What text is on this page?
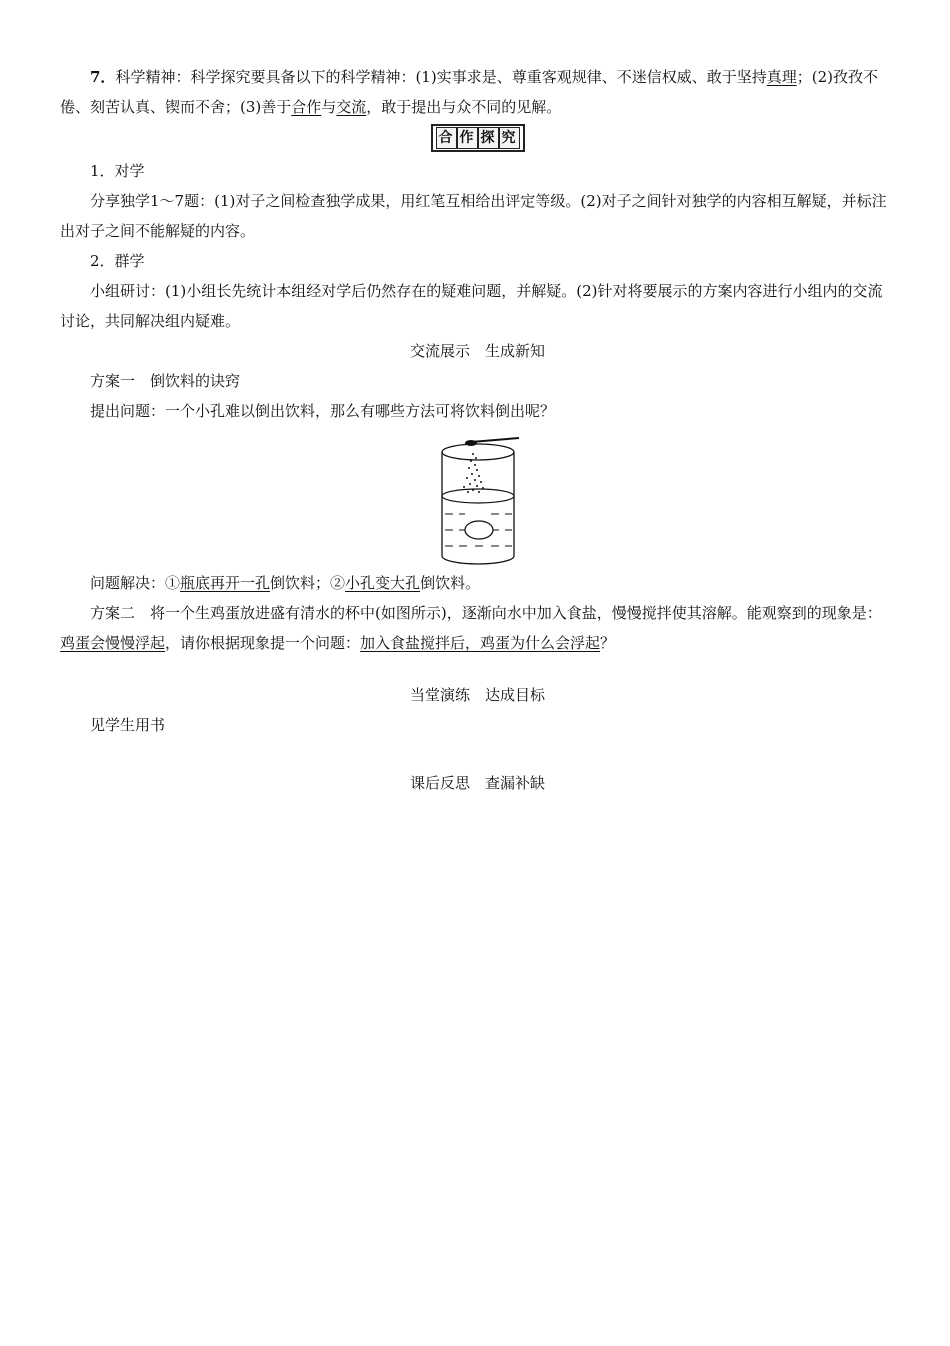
7．科学精神：科学探究要具备以下的科学精神：(1)实事求是、尊重客观规律、不迷信权威、敢于坚持真理；(2)孜孜不倦、刻苦认真、锲而不舍；(3)善于合作与交流，敢于提出与众不同的见解。

合 作 探 究

1．对学

分享独学1～7题：(1)对子之间检查独学成果，用红笔互相给出评定等级。(2)对子之间针对独学的内容相互解疑，并标注出对子之间不能解疑的内容。

2．群学

小组研讨：(1)小组长先统计本组经对学后仍然存在的疑难问题，并解疑。(2)针对将要展示的方案内容进行小组内的交流讨论，共同解决组内疑难。

交流展示　生成新知

方案一　倒饮料的诀窍

提出问题：一个小孔难以倒出饮料，那么有哪些方法可将饮料倒出呢？

问题解决：①瓶底再开一孔倒饮料；②小孔变大孔倒饮料。

方案二　将一个生鸡蛋放进盛有清水的杯中(如图所示)，逐渐向水中加入食盐，慢慢搅拌使其溶解。能观察到的现象是：鸡蛋会慢慢浮起，请你根据现象提一个问题：加入食盐搅拌后，鸡蛋为什么会浮起？

当堂演练　达成目标

见学生用书

课后反思　查漏补缺
